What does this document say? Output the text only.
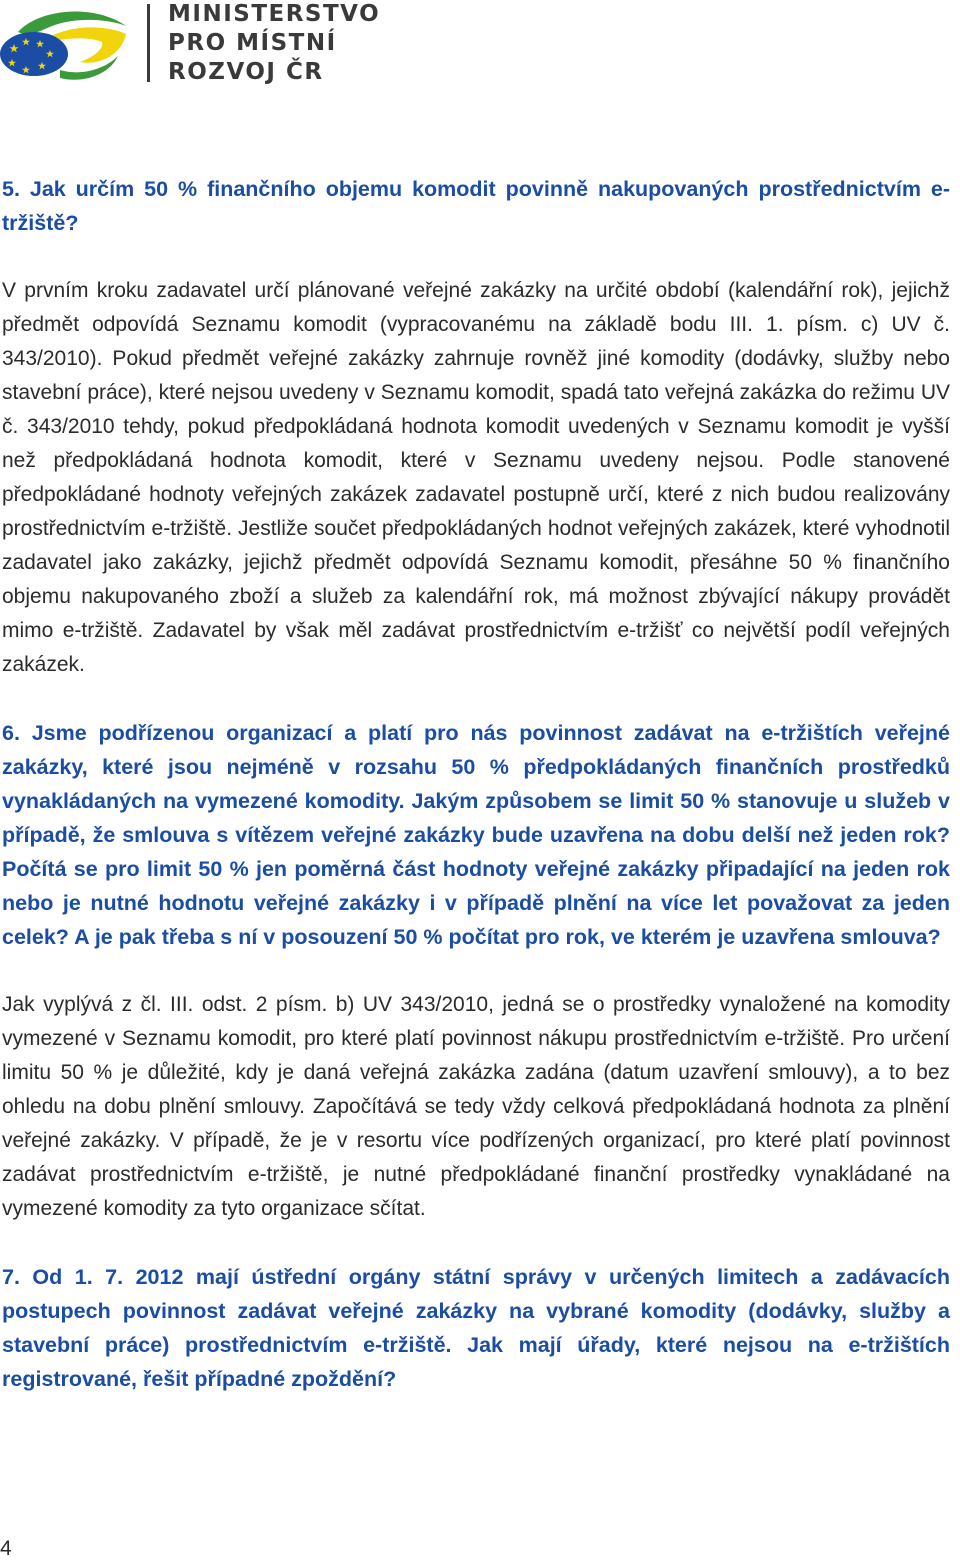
MINISTERSTVO
PRO MÍSTNÍ
ROZVOJ ČR

5. Jak určím 50 % finančního objemu komodit povinně nakupovaných prostřednictvím e-tržiště?

V prvním kroku zadavatel určí plánované veřejné zakázky na určité období (kalendářní rok), jejichž předmět odpovídá Seznamu komodit (vypracovanému na základě bodu III. 1. písm. c) UV č. 343/2010). Pokud předmět veřejné zakázky zahrnuje rovněž jiné komodity (dodávky, služby nebo stavební práce), které nejsou uvedeny v Seznamu komodit, spadá tato veřejná zakázka do režimu UV č. 343/2010 tehdy, pokud předpokládaná hodnota komodit uvedených v Seznamu komodit je vyšší než předpokládaná hodnota komodit, které v Seznamu uvedeny nejsou. Podle stanovené předpokládané hodnoty veřejných zakázek zadavatel postupně určí, které z nich budou realizovány prostřednictvím e-tržiště. Jestliže součet předpokládaných hodnot veřejných zakázek, které vyhodnotil zadavatel jako zakázky, jejichž předmět odpovídá Seznamu komodit, přesáhne 50 % finančního objemu nakupovaného zboží a služeb za kalendářní rok, má možnost zbývající nákupy provádět mimo e-tržiště. Zadavatel by však měl zadávat prostřednictvím e-tržišť co největší podíl veřejných zakázek.

6. Jsme podřízenou organizací a platí pro nás povinnost zadávat na e-tržištích veřejné zakázky, které jsou nejméně v rozsahu 50 % předpokládaných finančních prostředků vynakládaných na vymezené komodity. Jakým způsobem se limit 50 % stanovuje u služeb v případě, že smlouva s vítězem veřejné zakázky bude uzavřena na dobu delší než jeden rok? Počítá se pro limit 50 % jen poměrná část hodnoty veřejné zakázky připadající na jeden rok nebo je nutné hodnotu veřejné zakázky i v případě plnění na více let považovat za jeden celek? A je pak třeba s ní v posouzení 50 % počítat pro rok, ve kterém je uzavřena smlouva?

Jak vyplývá z čl. III. odst. 2 písm. b) UV 343/2010, jedná se o prostředky vynaložené na komodity vymezené v Seznamu komodit, pro které platí povinnost nákupu prostřednictvím e-tržiště. Pro určení limitu 50 % je důležité, kdy je daná veřejná zakázka zadána (datum uzavření smlouvy), a to bez ohledu na dobu plnění smlouvy. Započítává se tedy vždy celková předpokládaná hodnota za plnění veřejné zakázky. V případě, že je v resortu více podřízených organizací, pro které platí povinnost zadávat prostřednictvím e-tržiště, je nutné předpokládané finanční prostředky vynakládané na vymezené komodity za tyto organizace sčítat.

7. Od 1. 7. 2012 mají ústřední orgány státní správy v určených limitech a zadávacích postupech povinnost zadávat veřejné zakázky na vybrané komodity (dodávky, služby a stavební práce) prostřednictvím e-tržiště. Jak mají úřady, které nejsou na e-tržištích registrované, řešit případné zpoždění?

4
